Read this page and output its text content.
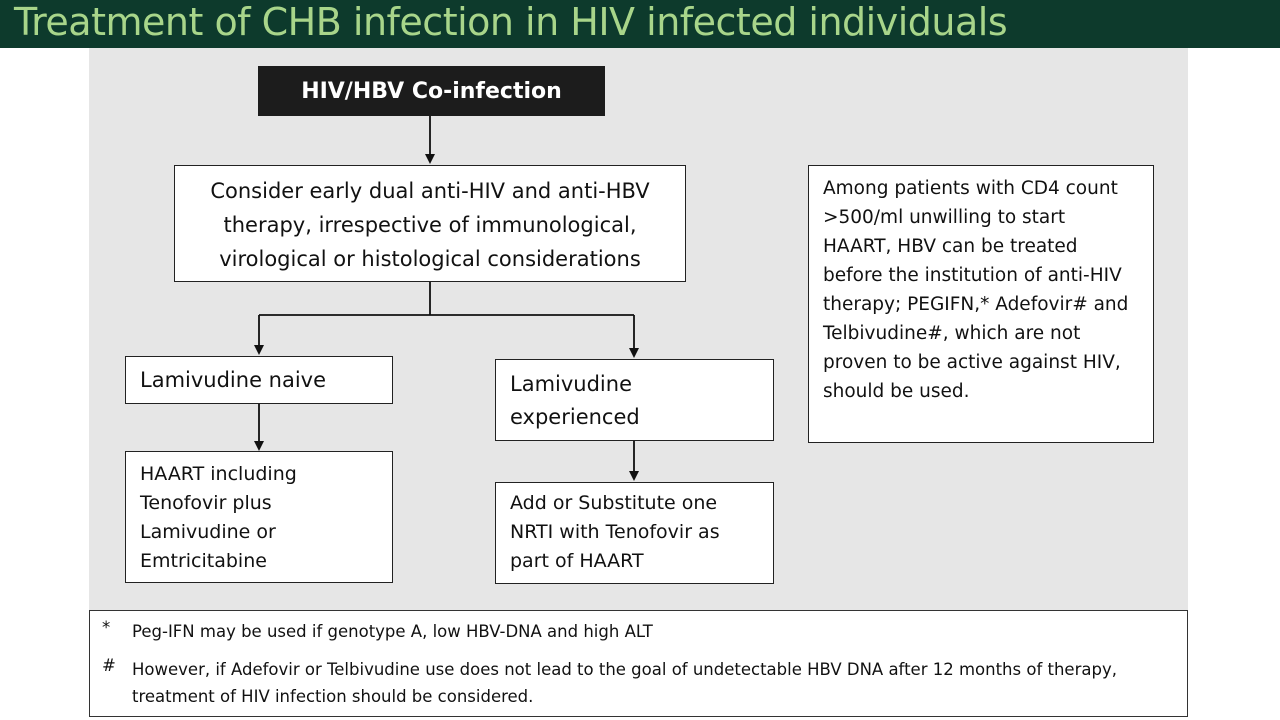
Treatment of CHB infection in HIV infected individuals
HIV/HBV Co-infection
Consider early dual anti-HIV and anti-HBV therapy, irrespective of immunological, virological or histological considerations
Lamivudine naive	Lamivudine experienced
HAART including Tenofovir plus Lamivudine or Emtricitabine
Add or Substitute one NRTI with Tenofovir as part of HAART
Among patients with CD4 count >500/ml unwilling to start HAART, HBV can be treated before the institution of anti-HIV therapy; PEGIFN,* Adefovir# and Telbivudine#, which are not proven to be active against HIV, should be used.
*	Peg-IFN may be used if genotype A, low HBV-DNA and high ALT
# However, if Adefovir or Telbivudine use does not lead to the goal of undetectable HBV DNA after 12 months of therapy, treatment of HIV infection should be considered.
